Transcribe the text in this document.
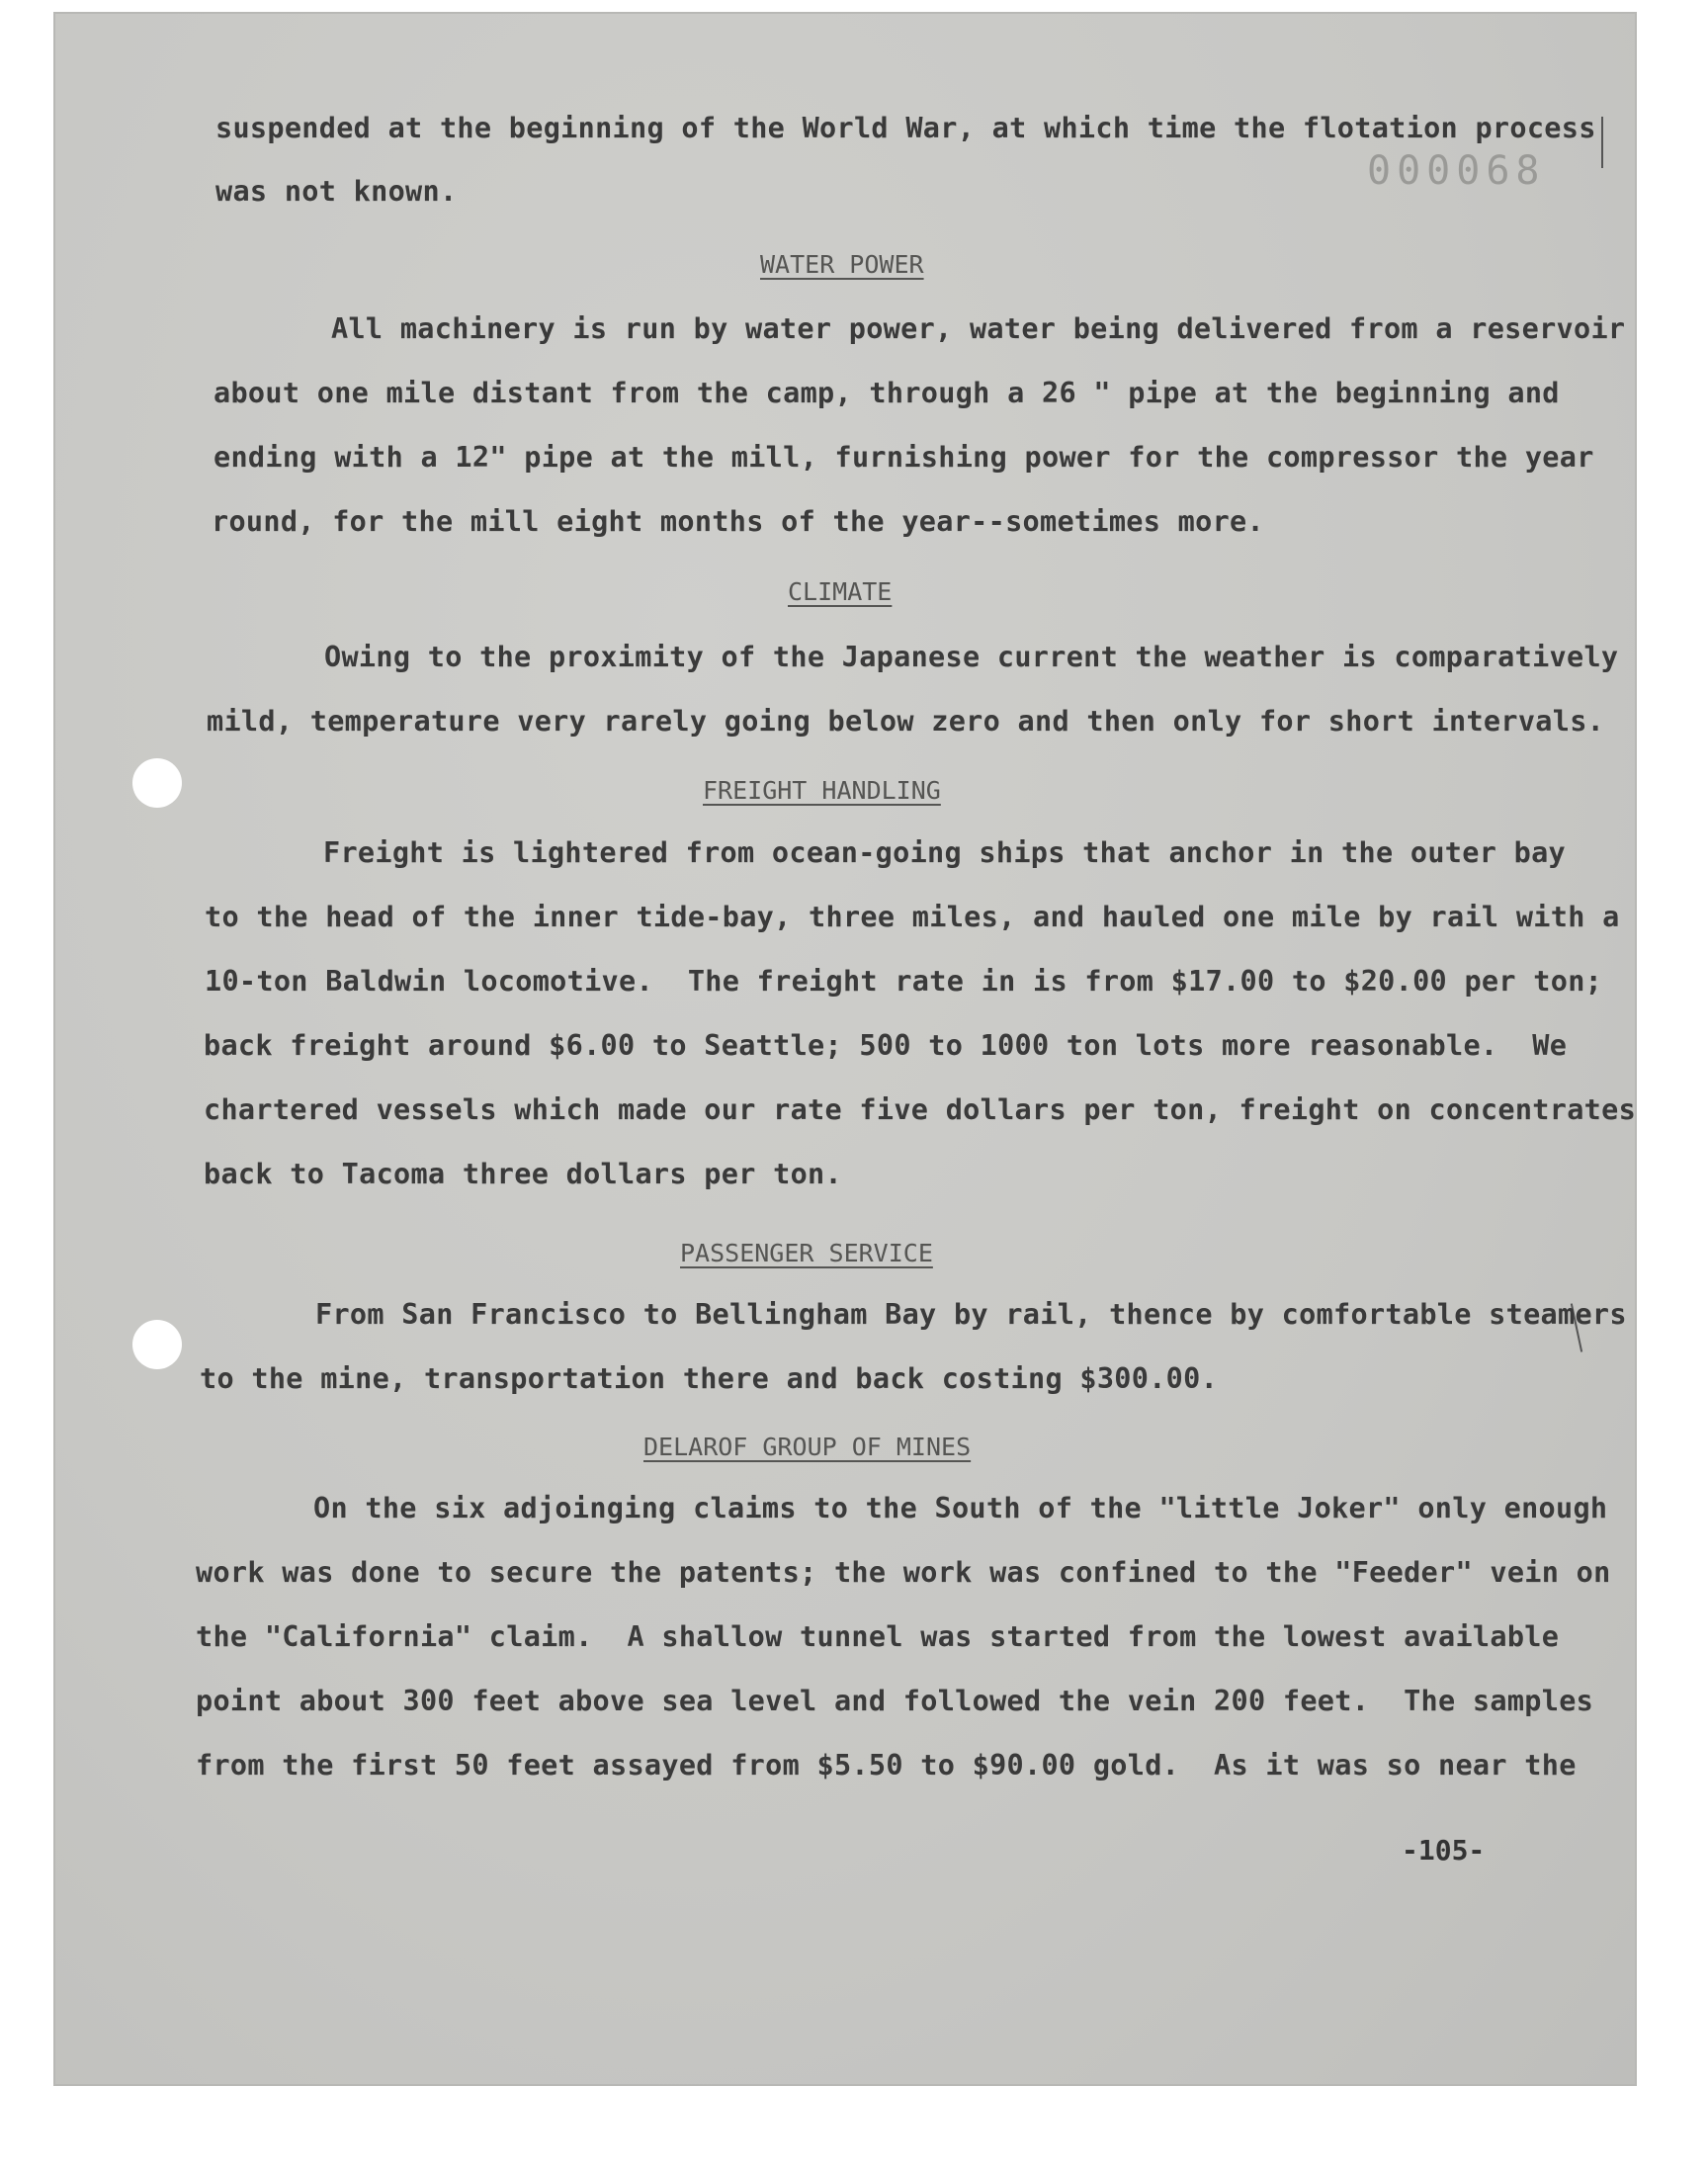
000068
suspended at the beginning of the World War, at which time the flotation process
was not known.
WATER POWER
All machinery is run by water power, water being delivered from a reservoir
about one mile distant from the camp, through a 26 " pipe at the beginning and
ending with a 12" pipe at the mill, furnishing power for the compressor the year
round, for the mill eight months of the year--sometimes more.
CLIMATE
Owing to the proximity of the Japanese current the weather is comparatively
mild, temperature very rarely going below zero and then only for short intervals.
FREIGHT HANDLING
Freight is lightered from ocean-going ships that anchor in the outer bay
to the head of the inner tide-bay, three miles, and hauled one mile by rail with a
10-ton Baldwin locomotive.  The freight rate in is from $17.00 to $20.00 per ton;
back freight around $6.00 to Seattle; 500 to 1000 ton lots more reasonable.  We
chartered vessels which made our rate five dollars per ton, freight on concentrates
back to Tacoma three dollars per ton.
PASSENGER SERVICE
From San Francisco to Bellingham Bay by rail, thence by comfortable steamers
to the mine, transportation there and back costing $300.00.
DELAROF GROUP OF MINES
On the six adjoinging claims to the South of the "little Joker" only enough
work was done to secure the patents; the work was confined to the "Feeder" vein on
the "California" claim.  A shallow tunnel was started from the lowest available
point about 300 feet above sea level and followed the vein 200 feet.  The samples
from the first 50 feet assayed from $5.50 to $90.00 gold.  As it was so near the
-105-
